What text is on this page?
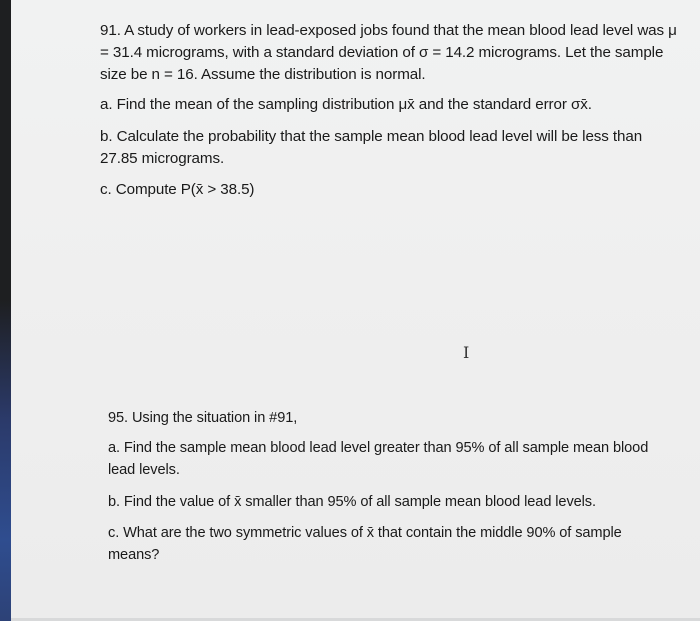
91. A study of workers in lead-exposed jobs found that the mean blood lead level was μ = 31.4 micrograms, with a standard deviation of σ = 14.2 micrograms. Let the sample size be n = 16. Assume the distribution is normal.

a. Find the mean of the sampling distribution μx̄ and the standard error σx̄.

b. Calculate the probability that the sample mean blood lead level will be less than 27.85 micrograms.

c. Compute P(x̄ > 38.5)

I

95. Using the situation in #91,

a. Find the sample mean blood lead level greater than 95% of all sample mean blood lead levels.

b. Find the value of x̄ smaller than 95% of all sample mean blood lead levels.

c. What are the two symmetric values of x̄ that contain the middle 90% of sample means?
